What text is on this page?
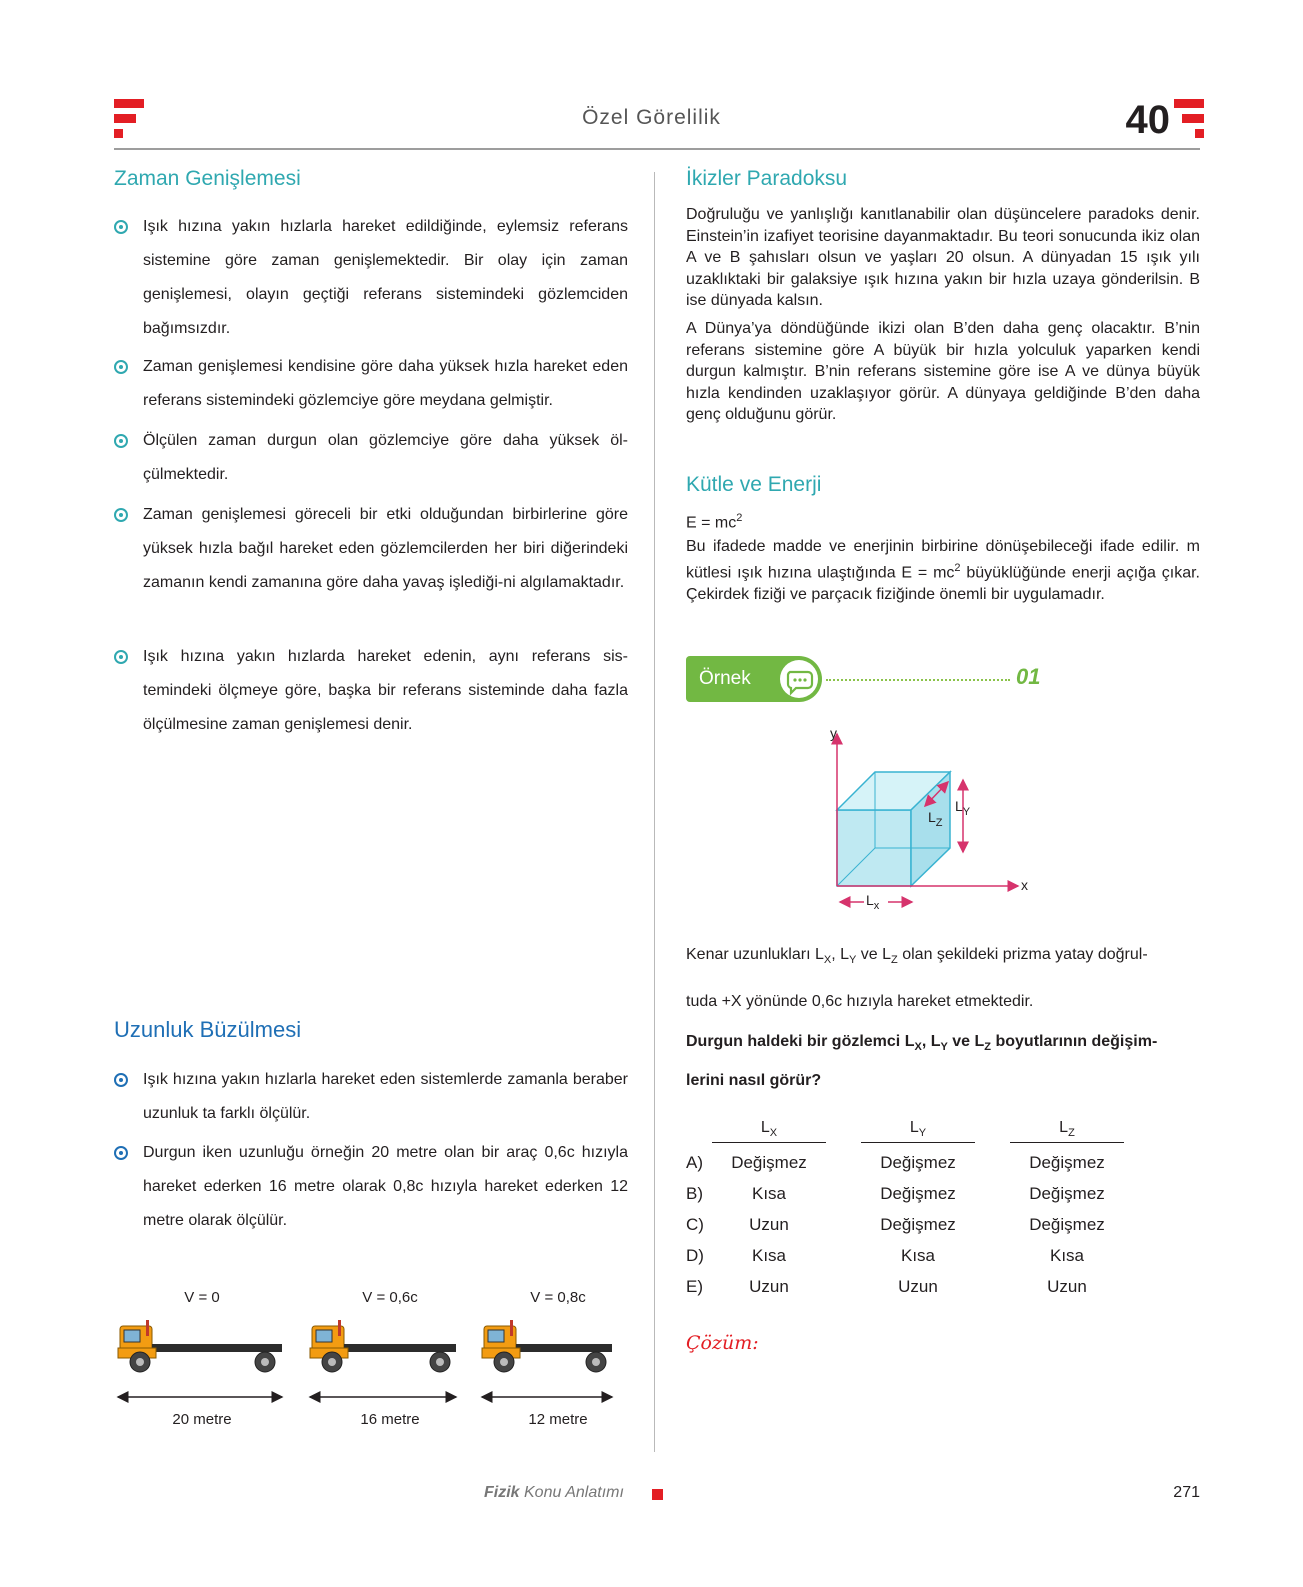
Özel Görelilik	40
Zaman Genişlemesi
Işık hızına yakın hızlarla hareket edildiğinde, eylemsiz referans sistemine göre zaman genişlemektedir. Bir olay için zaman genişlemesi, olayın geçtiği referans sistemindeki gözlemciden bağımsızdır.
Zaman genişlemesi kendisine göre daha yüksek hızla hareket eden referans sistemindeki gözlemciye göre meydana gelmiştir.
Ölçülen zaman durgun olan gözlemciye göre daha yüksek öl-çülmektedir.
Zaman genişlemesi göreceli bir etki olduğundan birbirlerine göre yüksek hızla bağıl hareket eden gözlemcilerden her biri diğerindeki zamanın kendi zamanına göre daha yavaş işlediği-ni algılamaktadır.
Işık hızına yakın hızlarda hareket edenin, aynı referans sis-temindeki ölçmeye göre, başka bir referans sisteminde daha fazla ölçülmesine zaman genişlemesi denir.
Uzunluk Büzülmesi
Işık hızına yakın hızlarla hareket eden sistemlerde zamanla beraber uzunluk ta farklı ölçülür.
Durgun iken uzunluğu örneğin 20 metre olan bir araç 0,6c hızıyla hareket ederken 16 metre olarak 0,8c hızıyla hareket ederken 12 metre olarak ölçülür.
V = 0	V = 0,6c	V = 0,8c
20 metre	16 metre	12 metre
İkizler Paradoksu
Doğruluğu ve yanlışlığı kanıtlanabilir olan düşüncelere paradoks denir. Einstein’in izafiyet teorisine dayanmaktadır. Bu teori sonucunda ikiz olan A ve B şahısları olsun ve yaşları 20 olsun. A dünyadan 15 ışık yılı uzaklıktaki bir galaksiye ışık hızına yakın bir hızla uzaya gönderilsin. B ise dünyada kalsın.
A Dünya’ya döndüğünde ikizi olan B’den daha genç olacaktır. B’nin referans sistemine göre A büyük bir hızla yolculuk yaparken kendi durgun kalmıştır. B’nin referans sistemine göre ise A ve dünya büyük hızla kendinden uzaklaşıyor görür. A dünyaya geldiğinde B’den daha genç olduğunu görür.
Kütle ve Enerji
$E = mc^2$
Bu ifadede madde ve enerjinin birbirine dönüşebileceği ifade edilir. m kütlesi ışık hızına ulaştığında $E = mc^2$ büyüklüğünde enerji açığa çıkar. Çekirdek fiziği ve parçacık fiziğinde önemli bir uygulamadır.
Örnek	01
y
x
$L_Y$
$L_Z$
$L_x$
Kenar uzunlukları $L_X$, $L_Y$ ve $L_Z$ olan şekildeki prizma yatay doğrul-
tuda +X yönünde 0,6c hızıyla hareket etmektedir.
Durgun haldeki bir gözlemci $L_X$, $L_Y$ ve $L_Z$ boyutlarının değişim-
lerini nasıl görür?
$L_X$	$L_Y$	$L_Z$
A)	Değişmez	Değişmez	Değişmez
B)	Kısa	Değişmez	Değişmez
C)	Uzun	Değişmez	Değişmez
D)	Kısa	Kısa	Kısa
E)	Uzun	Uzun	Uzun
Çözüm:
Fizik Konu Anlatımı	271
